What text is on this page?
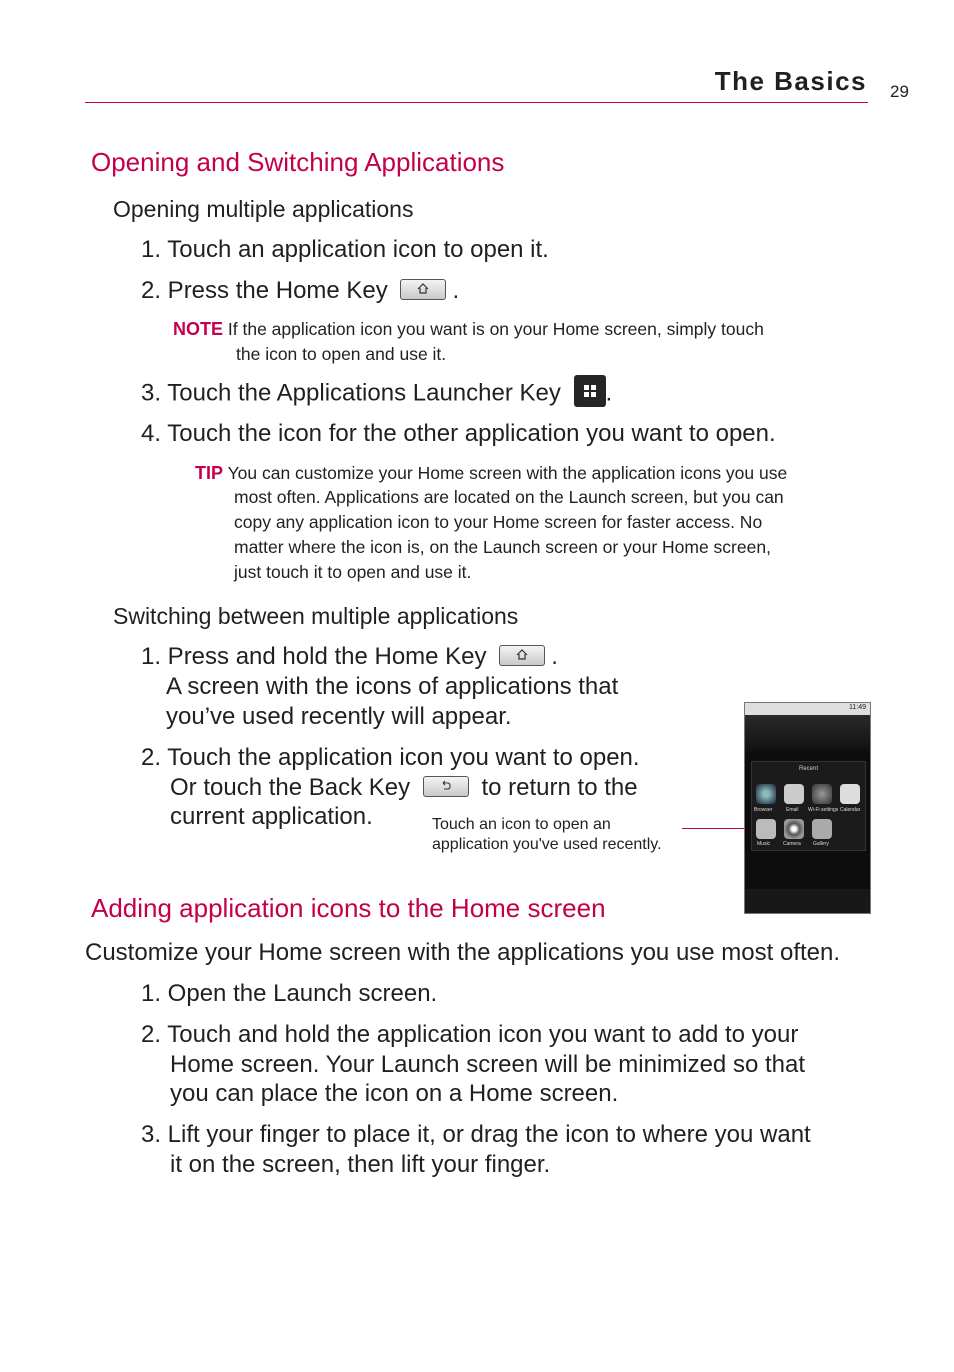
The Basics 29
Opening and Switching Applications
Opening multiple applications
1. Touch an application icon to open it.
2. Press the Home Key	.
NOTE If the application icon you want is on your Home screen, simply touch
the icon to open and use it.
3. Touch the Applications Launcher Key .
4. Touch the icon for the other application you want to open.
TIP You can customize your Home screen with the application icons you use
most often. Applications are located on the Launch screen, but you can
copy any application icon to your Home screen for faster access. No
matter where the icon is, on the Launch screen or your Home screen,
just touch it to open and use it.
Switching between multiple applications
1. Press and hold the Home Key	.
A screen with the icons of applications that
you’ve used recently will appear.
2. Touch the application icon you want to open.
Or touch the Back Key	to return to the
current application.	Touch an icon to open an
application you've used recently.
11:49
Recent
Browser	Email Wi-Fi settings Calendar
Music	Camera Gallery
Adding application icons to the Home screen
Customize your Home screen with the applications you use most often.
1. Open the Launch screen.
2. Touch and hold the application icon you want to add to your
Home screen. Your Launch screen will be minimized so that
you can place the icon on a Home screen.
3. Lift your finger to place it, or drag the icon to where you want
it on the screen, then lift your finger.
